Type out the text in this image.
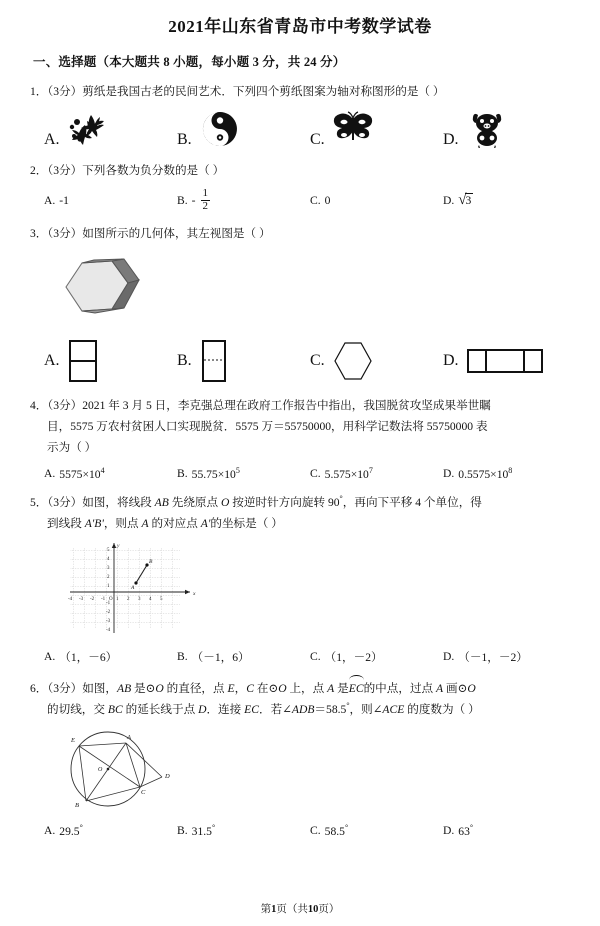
2021年山东省青岛市中考数学试卷
一、选择题（本大题共 8 小题，每小题 3 分，共 24 分）
1．（3分）剪纸是我国古老的民间艺术．下列四个剪纸图案为轴对称图形的是（ ）
A.	B.	C.	D.
2．（3分）下列各数为负分数的是（ ）
A. -1	B. - $\frac{1}{2}$	C. 0	D. √ 3
3．（3分）如图所示的几何体，其左视图是（ ）
A.	B.	C.	D.
4．（3分）2021 年 3 月 5 日，李克强总理在政府工作报告中指出，我国脱贫攻坚成果举世瞩
目，5575 万农村贫困人口实现脱贫．5575 万＝55750000，用科学记数法将 55750000 表
示为（ ）
A. $5575\times 10^4$	B. $55.75\times 10^5$	C. $5.575\times 10^7$	D. $0.5575\times 10^8$
5．（3分）如图，将线段 AB 先绕原点 O 按逆时针方向旋转 90°，再向下平移 4 个单位，得
到线段 A'B'，则点 A 的对应点 A'的坐标是（ ）
x
y
-4 -3 -2 -1 O 1 2 3 4 5
5
4
3
2
1
-1
-2
-3
-4
A
B
A. （1，－6）	B. （－1，6）	C. （1，－2）	D. （－1，－2）
6．（3分）如图，AB 是⊙O 的直径，点 E，C 在⊙O 上，点 A 是EC的中点，过点 A 画⊙O
的切线，交 BC 的延长线于点 D．连接 EC．若∠ADB＝58.5°，则∠ACE 的度数为（ ）
O
E	A
D
C
B
A. 29.5°	B. 31.5°	C. 58.5°	D. 63°
第1页（共10页）
